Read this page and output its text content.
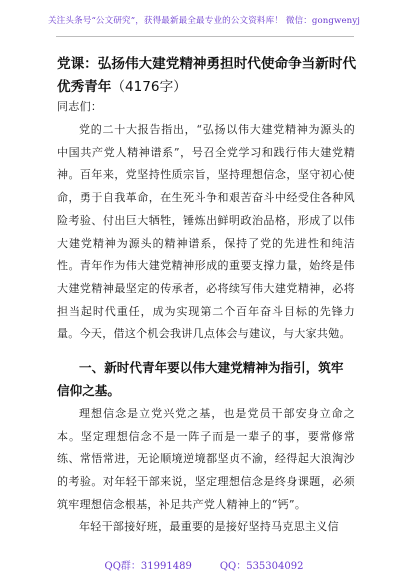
关注头条号“公文研究”，获得最新最全最专业的公文资料库！ 微信：gongwenyj
党课：弘扬伟大建党精神勇担时代使命争当新时代优秀青年（4176字）
同志们：
党的二十大报告指出，“弘扬以伟大建党精神为源头的中国共产党人精神谱系”，号召全党学习和践行伟大建党精神。百年来，党坚持性质宗旨，坚持理想信念，坚守初心使命，勇于自我革命，在生死斗争和艰苦奋斗中经受住各种风险考验、付出巨大牺牲，锤炼出鲜明政治品格，形成了以伟大建党精神为源头的精神谱系，保持了党的先进性和纯洁性。青年作为伟大建党精神形成的重要支撑力量，始终是伟大建党精神最坚定的传承者，必将续写伟大建党精神，必将担当起时代重任，成为实现第二个百年奋斗目标的先锋力量。今天，借这个机会我讲几点体会与建议，与大家共勉。
一、新时代青年要以伟大建党精神为指引，筑牢信仰之基。
理想信念是立党兴党之基，也是党员干部安身立命之本。坚定理想信念不是一阵子而是一辈子的事，要常修常练、常悟常进，无论顺境逆境都坚贞不渝，经得起大浪淘沙的考验。对年轻干部来说，坚定理想信念是终身课题，必须筑牢理想信念根基，补足共产党人精神上的“钙”。
年轻干部接好班，最重要的是接好坚持马克思主义信
QQ群：31991489	QQ：535304092
